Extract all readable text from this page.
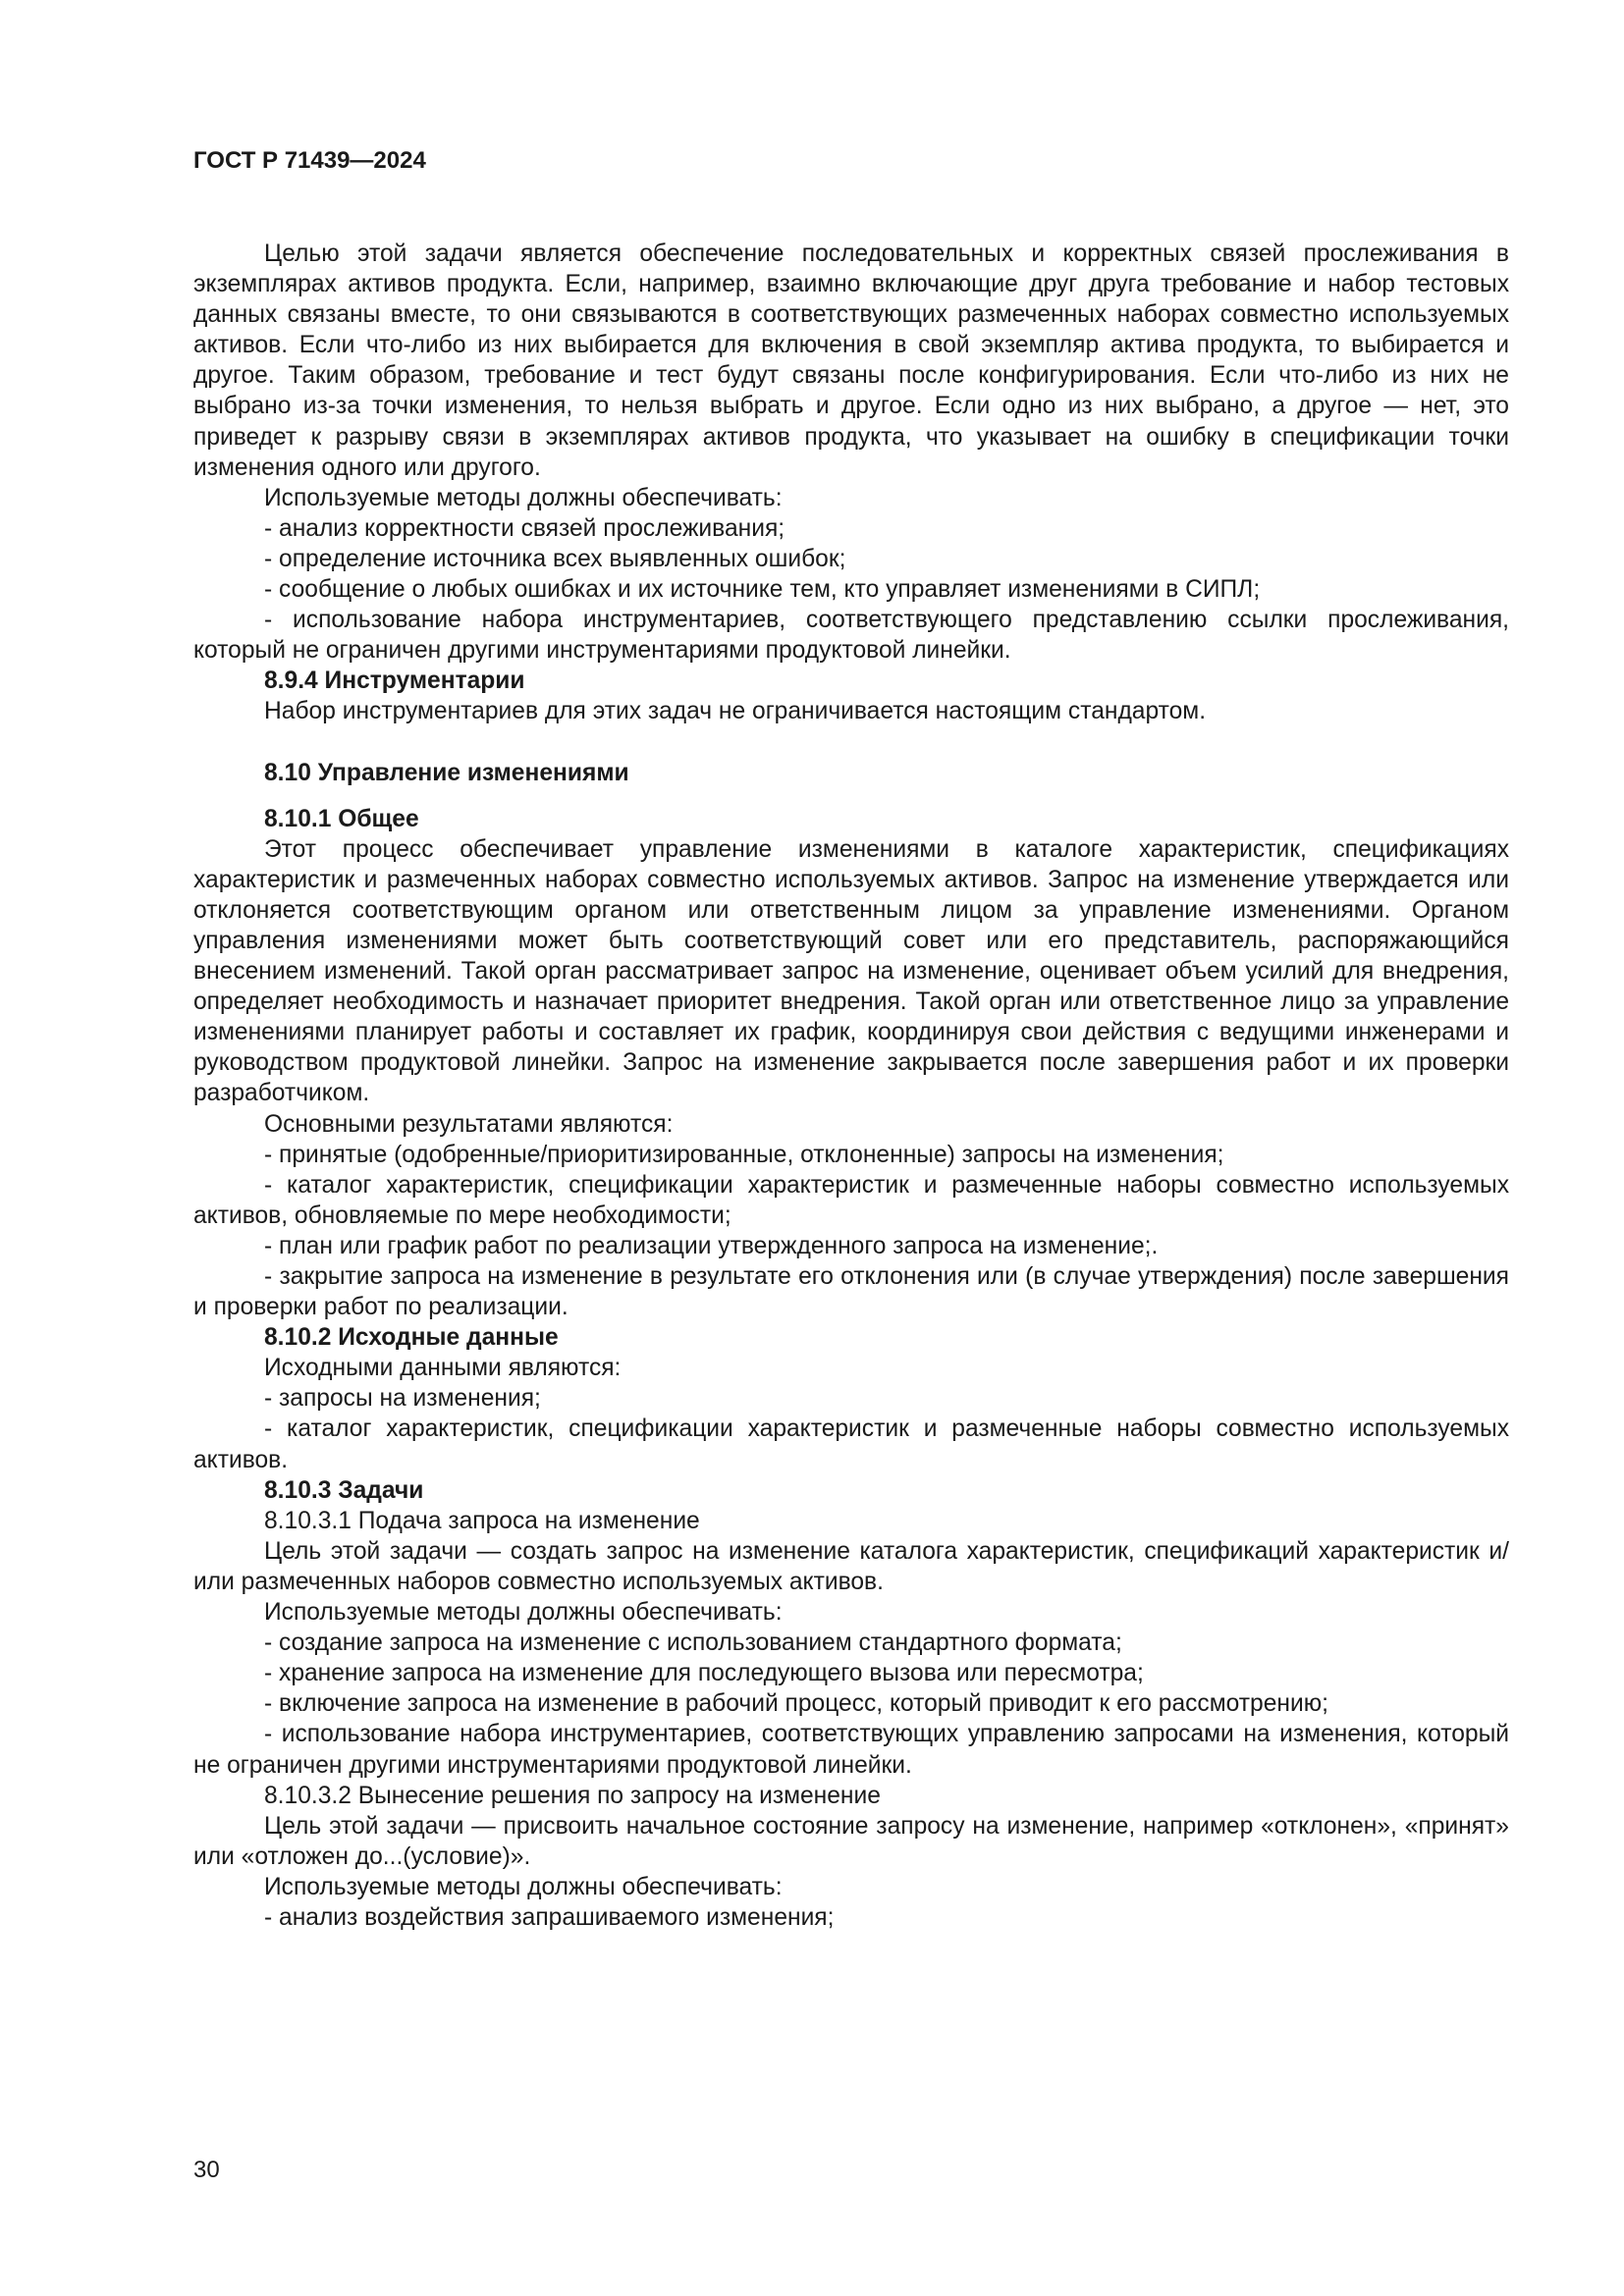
ГОСТ Р 71439—2024

Целью этой задачи является обеспечение последовательных и корректных связей прослеживания в экземплярах активов продукта. Если, например, взаимно включающие друг друга требование и набор тестовых данных связаны вместе, то они связываются в соответствующих размеченных наборах совместно используемых активов. Если что-либо из них выбирается для включения в свой экземпляр актива продукта, то выбирается и другое. Таким образом, требование и тест будут связаны после конфигурирования. Если что-либо из них не выбрано из-за точки изменения, то нельзя выбрать и другое. Если одно из них выбрано, а другое — нет, это приведет к разрыву связи в экземплярах активов продукта, что указывает на ошибку в спецификации точки изменения одного или другого.

Используемые методы должны обеспечивать:

- анализ корректности связей прослеживания;

- определение источника всех выявленных ошибок;

- сообщение о любых ошибках и их источнике тем, кто управляет изменениями в СИПЛ;

- использование набора инструментариев, соответствующего представлению ссылки прослеживания, который не ограничен другими инструментариями продуктовой линейки.

8.9.4 Инструментарии

Набор инструментариев для этих задач не ограничивается настоящим стандартом.

8.10 Управление изменениями

8.10.1 Общее

Этот процесс обеспечивает управление изменениями в каталоге характеристик, спецификациях характеристик и размеченных наборах совместно используемых активов. Запрос на изменение утверждается или отклоняется соответствующим органом или ответственным лицом за управление изменениями. Органом управления изменениями может быть соответствующий совет или его представитель, распоряжающийся внесением изменений. Такой орган рассматривает запрос на изменение, оценивает объем усилий для внедрения, определяет необходимость и назначает приоритет внедрения. Такой орган или ответственное лицо за управление изменениями планирует работы и составляет их график, координируя свои действия с ведущими инженерами и руководством продуктовой линейки. Запрос на изменение закрывается после завершения работ и их проверки разработчиком.

Основными результатами являются:

- принятые (одобренные/приоритизированные, отклоненные) запросы на изменения;

- каталог характеристик, спецификации характеристик и размеченные наборы совместно используемых активов, обновляемые по мере необходимости;

- план или график работ по реализации утвержденного запроса на изменение;.

- закрытие запроса на изменение в результате его отклонения или (в случае утверждения) после завершения и проверки работ по реализации.

8.10.2 Исходные данные

Исходными данными являются:

- запросы на изменения;

- каталог характеристик, спецификации характеристик и размеченные наборы совместно используемых активов.

8.10.3 Задачи

8.10.3.1 Подача запроса на изменение

Цель этой задачи — создать запрос на изменение каталога характеристик, спецификаций характеристик и/или размеченных наборов совместно используемых активов.

Используемые методы должны обеспечивать:

- создание запроса на изменение с использованием стандартного формата;

- хранение запроса на изменение для последующего вызова или пересмотра;

- включение запроса на изменение в рабочий процесс, который приводит к его рассмотрению;

- использование набора инструментариев, соответствующих управлению запросами на изменения, который не ограничен другими инструментариями продуктовой линейки.

8.10.3.2 Вынесение решения по запросу на изменение

Цель этой задачи — присвоить начальное состояние запросу на изменение, например «отклонен», «принят» или «отложен до...(условие)».

Используемые методы должны обеспечивать:

- анализ воздействия запрашиваемого изменения;

30
